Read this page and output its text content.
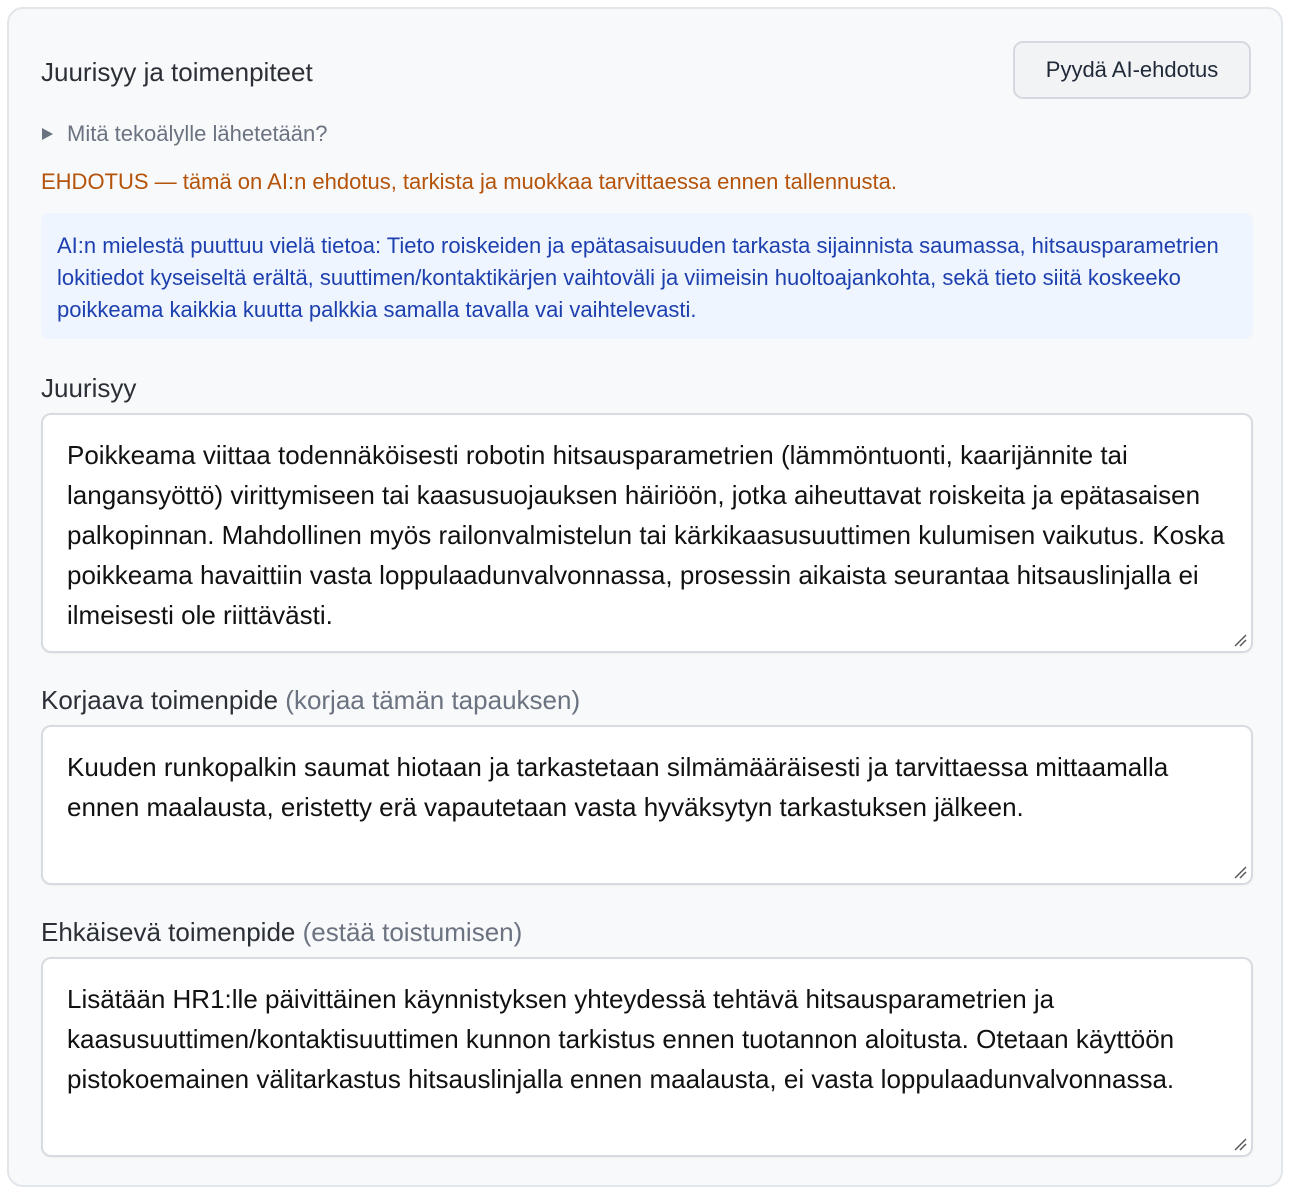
Juurisyy ja toimenpiteet	Pyydä AI-ehdotus
Mitä tekoälylle lähetetään?
EHDOTUS — tämä on AI:n ehdotus, tarkista ja muokkaa tarvittaessa ennen tallennusta.
AI:n mielestä puuttuu vielä tietoa: Tieto roiskeiden ja epätasaisuuden tarkasta sijainnista saumassa, hitsausparametrien lokitiedot kyseiseltä erältä, suuttimen/kontaktikärjen vaihtoväli ja viimeisin huoltoajankohta, sekä tieto siitä koskeeko poikkeama kaikkia kuutta palkkia samalla tavalla vai vaihtelevasti.
Juurisyy
Poikkeama viittaa todennäköisesti robotin hitsausparametrien (lämmöntuonti, kaarijännite tai langansyöttö) virittymiseen tai kaasusuojauksen häiriöön, jotka aiheuttavat roiskeita ja epätasaisen palkopinnan. Mahdollinen myös railonvalmistelun tai kärkikaasusuuttimen kulumisen vaikutus. Koska poikkeama havaittiin vasta loppulaadunvalvonnassa, prosessin aikaista seurantaa hitsauslinjalla ei ilmeisesti ole riittävästi.
Korjaava toimenpide (korjaa tämän tapauksen)
Kuuden runkopalkin saumat hiotaan ja tarkastetaan silmämääräisesti ja tarvittaessa mittaamalla ennen maalausta, eristetty erä vapautetaan vasta hyväksytyn tarkastuksen jälkeen.
Ehkäisevä toimenpide (estää toistumisen)
Lisätään HR1:lle päivittäinen käynnistyksen yhteydessä tehtävä hitsausparametrien ja kaasusuuttimen/kontaktisuuttimen kunnon tarkistus ennen tuotannon aloitusta. Otetaan käyttöön pistokoemainen välitarkastus hitsauslinjalla ennen maalausta, ei vasta loppulaadunvalvonnassa.
